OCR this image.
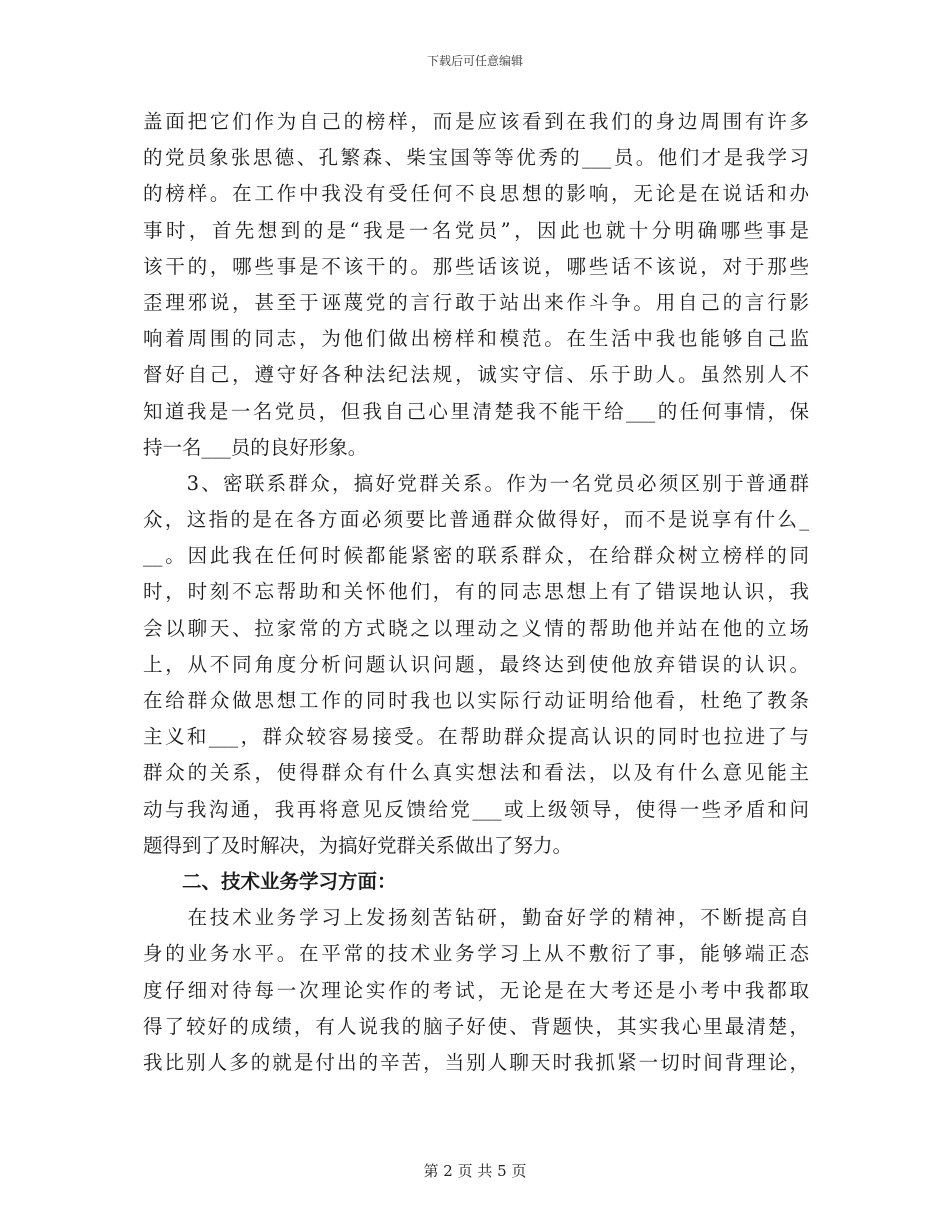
下载后可任意编辑
盖面把它们作为自己的榜样，而是应该看到在我们的身边周围有许多
的党员象张思德、孔繁森、柴宝国等等优秀的___员。他们才是我学习
的榜样。在工作中我没有受任何不良思想的影响，无论是在说话和办
事时，首先想到的是“我是一名党员”，因此也就十分明确哪些事是
该干的，哪些事是不该干的。那些话该说，哪些话不该说，对于那些
歪理邪说，甚至于诬蔑党的言行敢于站出来作斗争。用自己的言行影
响着周围的同志，为他们做出榜样和模范。在生活中我也能够自己监
督好自己，遵守好各种法纪法规，诚实守信、乐于助人。虽然别人不
知道我是一名党员，但我自己心里清楚我不能干给___的任何事情，保
持一名___员的良好形象。
　　3、密联系群众，搞好党群关系。作为一名党员必须区别于普通群
众，这指的是在各方面必须要比普通群众做得好，而不是说享有什么_
__。因此我在任何时候都能紧密的联系群众，在给群众树立榜样的同
时，时刻不忘帮助和关怀他们，有的同志思想上有了错误地认识，我
会以聊天、拉家常的方式晓之以理动之义情的帮助他并站在他的立场
上，从不同角度分析问题认识问题，最终达到使他放弃错误的认识。
在给群众做思想工作的同时我也以实际行动证明给他看，杜绝了教条
主义和___，群众较容易接受。在帮助群众提高认识的同时也拉进了与
群众的关系，使得群众有什么真实想法和看法，以及有什么意见能主
动与我沟通，我再将意见反馈给党___或上级领导，使得一些矛盾和问
题得到了及时解决，为搞好党群关系做出了努力。
　　二、技术业务学习方面：
　　在技术业务学习上发扬刻苦钻研，勤奋好学的精神，不断提高自
身的业务水平。在平常的技术业务学习上从不敷衍了事，能够端正态
度仔细对待每一次理论实作的考试，无论是在大考还是小考中我都取
得了较好的成绩，有人说我的脑子好使、背题快，其实我心里最清楚，
我比别人多的就是付出的辛苦，当别人聊天时我抓紧一切时间背理论，
第 2 页 共 5 页
